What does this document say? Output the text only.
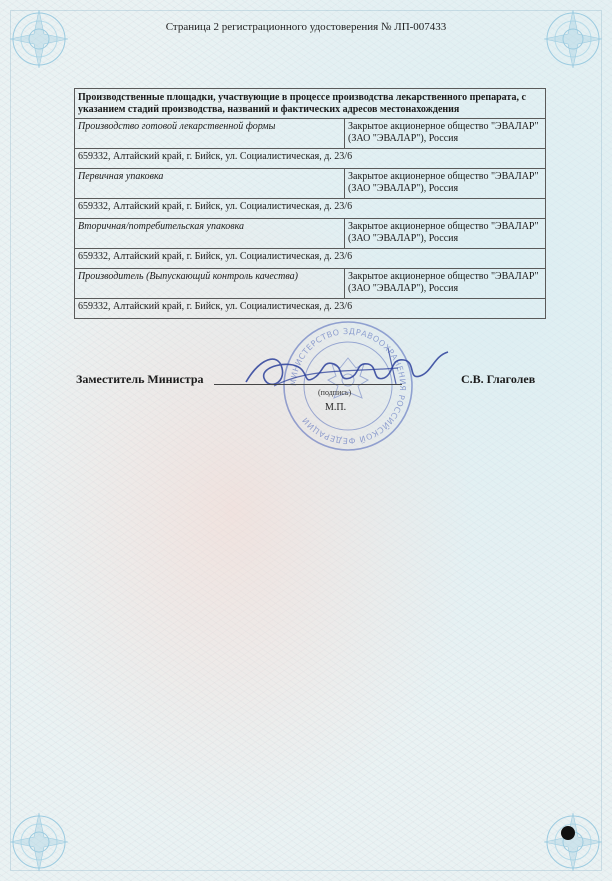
Страница 2 регистрационного удостоверения № ЛП-007433
Производственные площадки, участвующие в процессе производства лекарственного препарата, с указанием стадий производства, названий и фактических адресов местонахождения	
Производство готовой лекарственной формы	Закрытое акционерное общество "ЭВАЛАР" (ЗАО "ЭВАЛАР"), Россия
659332, Алтайский край, г. Бийск, ул. Социалистическая, д. 23/6	
Первичная упаковка	Закрытое акционерное общество "ЭВАЛАР" (ЗАО "ЭВАЛАР"), Россия
659332, Алтайский край, г. Бийск, ул. Социалистическая, д. 23/6	
Вторичная/потребительская упаковка	Закрытое акционерное общество "ЭВАЛАР" (ЗАО "ЭВАЛАР"), Россия
659332, Алтайский край, г. Бийск, ул. Социалистическая, д. 23/6	
Производитель (Выпускающий контроль качества)	Закрытое акционерное общество "ЭВАЛАР" (ЗАО "ЭВАЛАР"), Россия
659332, Алтайский край, г. Бийск, ул. Социалистическая, д. 23/6	
МИНИСТЕРСТВО ЗДРАВООХРАНЕНИЯ РОССИЙСКОЙ ФЕДЕРАЦИИ
Заместитель Министра
(подпись)
М.П.
С.В. Глаголев
